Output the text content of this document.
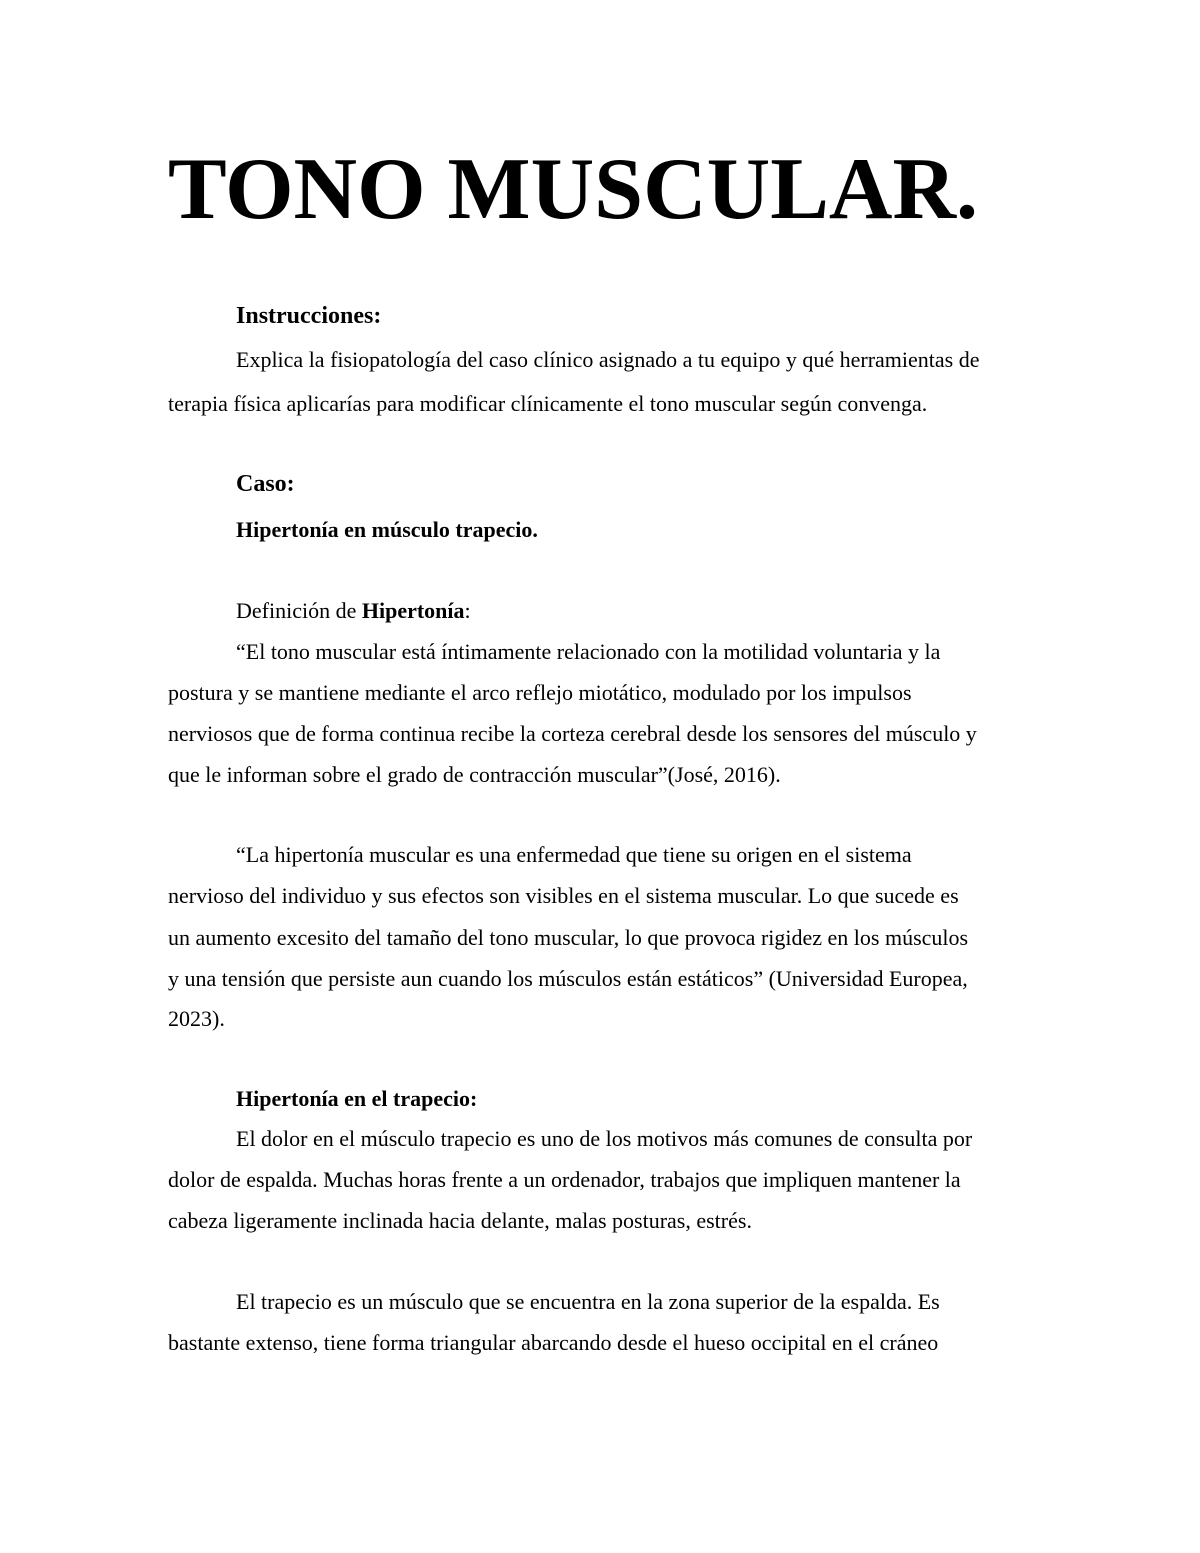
TONO MUSCULAR.
Instrucciones:
Explica la fisiopatología del caso clínico asignado a tu equipo y qué herramientas de
terapia física aplicarías para modificar clínicamente el tono muscular según convenga.
Caso:
Hipertonía en músculo trapecio.
Definición de Hipertonía:
“El tono muscular está íntimamente relacionado con la motilidad voluntaria y la
postura y se mantiene mediante el arco reflejo miotático, modulado por los impulsos
nerviosos que de forma continua recibe la corteza cerebral desde los sensores del músculo y
que le informan sobre el grado de contracción muscular”(José, 2016).
“La hipertonía muscular es una enfermedad que tiene su origen en el sistema
nervioso del individuo y sus efectos son visibles en el sistema muscular. Lo que sucede es
un aumento excesito del tamaño del tono muscular, lo que provoca rigidez en los músculos
y una tensión que persiste aun cuando los músculos están estáticos” (Universidad Europea,
2023).
Hipertonía en el trapecio:
El dolor en el músculo trapecio es uno de los motivos más comunes de consulta por
dolor de espalda. Muchas horas frente a un ordenador, trabajos que impliquen mantener la
cabeza ligeramente inclinada hacia delante, malas posturas, estrés.
El trapecio es un músculo que se encuentra en la zona superior de la espalda. Es
bastante extenso, tiene forma triangular abarcando desde el hueso occipital en el cráneo
